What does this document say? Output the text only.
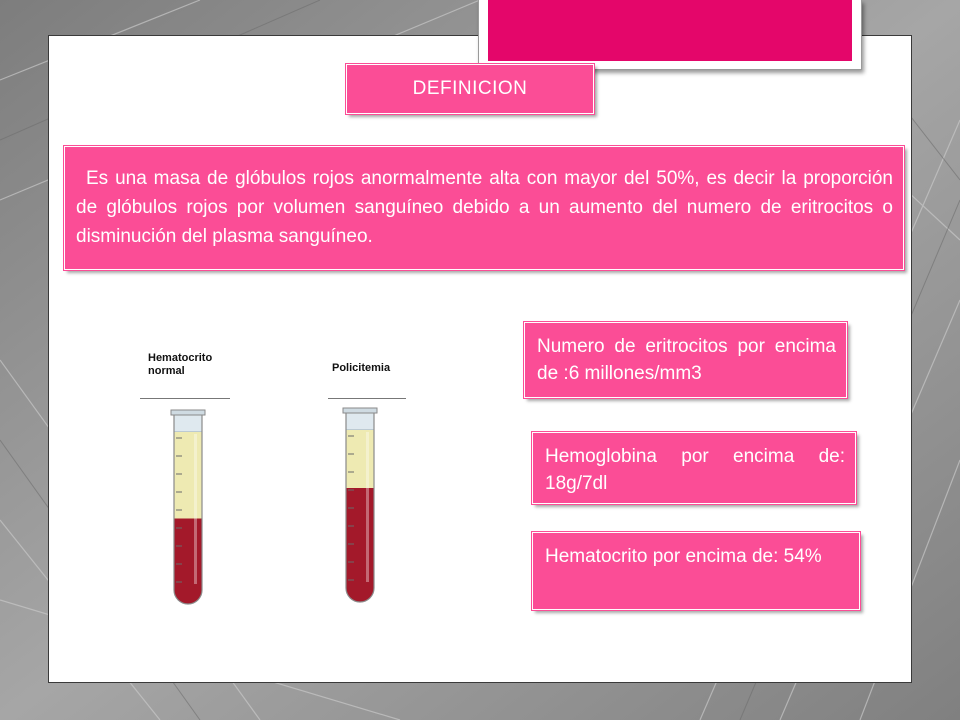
DEFINICION
Es una masa de glóbulos rojos anormalmente alta con mayor del 50%, es decir la proporción de glóbulos rojos por volumen sanguíneo debido a un aumento del numero de eritrocitos o disminución del plasma sanguíneo.

Hematocrito
normal	Policitemia

Numero de eritrocitos por encima de :6 millones/mm3
Hemoglobina por encima de: 18g/7dl
Hematocrito por encima de: 54%
